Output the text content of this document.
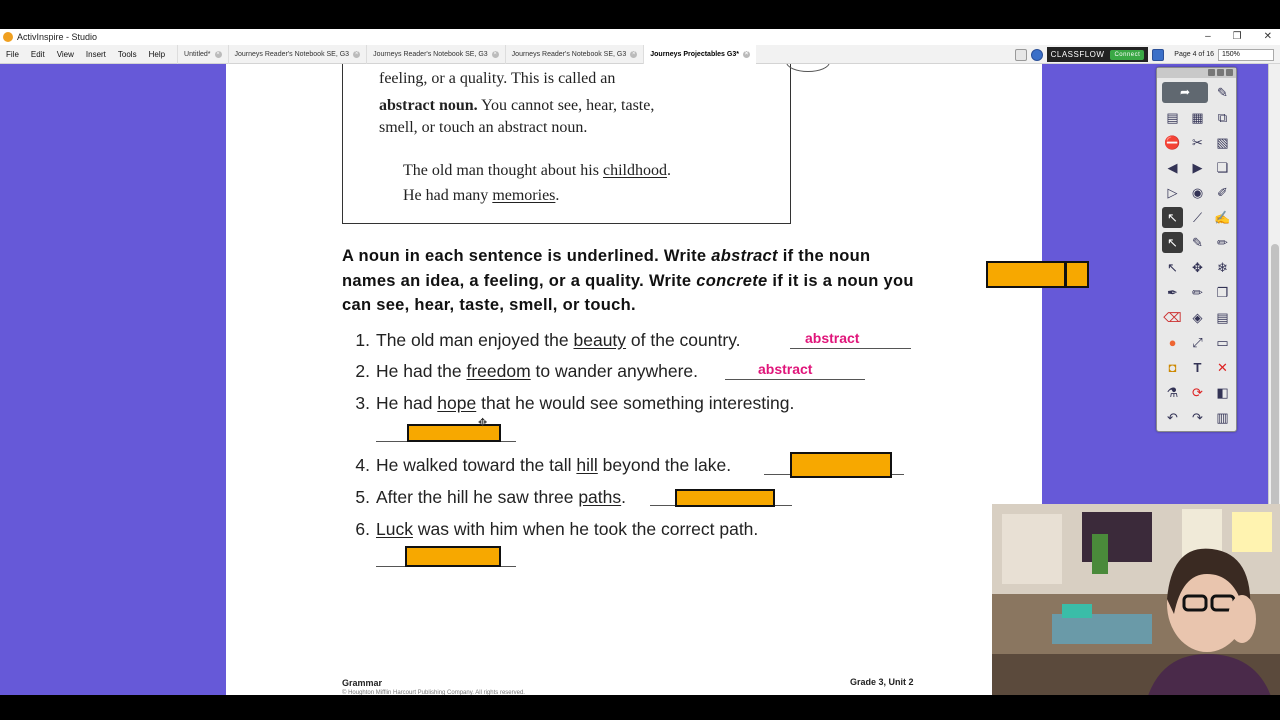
ActivInspire - Studio	– ❐ ✕
File	Edit	View	Insert	Tools	Help	Untitled* × Journeys Reader's Notebook SE, G3 × Journeys Reader's Notebook SE, G3 × Journeys Reader's Notebook SE, G3 × Journeys Projectables G3* ×	CLASSFLOW	Connect	Page 4 of 16	150%
feeling, or a quality. This is called an
abstract noun. You cannot see, hear, taste,
smell, or touch an abstract noun.
The old man thought about his childhood.
He had many memories.
A noun in each sentence is underlined. Write abstract if the noun names an idea, a feeling, or a quality. Write concrete if it is a noun you can see, hear, taste, smell, or touch.
1. The old man enjoyed the beauty of the country.	abstract
2. He had the freedom to wander anywhere.	abstract
3. He had hope that he would see something interesting.
✥
4. He walked toward the tall hill beyond the lake.
5. After the hill he saw three paths.
6. Luck was with him when he took the correct path.
Grammar
© Houghton Mifflin Harcourt Publishing Company. All rights reserved.
Grade 3, Unit 2
➦	✎
▤ ▦	⧉
⛔ ✂	▧
◀	▶	❏
▷	◉	✐
↖	⟋ ✍
↖	✎	✏
↖	✥	❄
✒	✏	❐
⌫ ◈	▤
●	⤢	▭
◘	T	✕
⚗	⟳	◧
↶	↷	▥
